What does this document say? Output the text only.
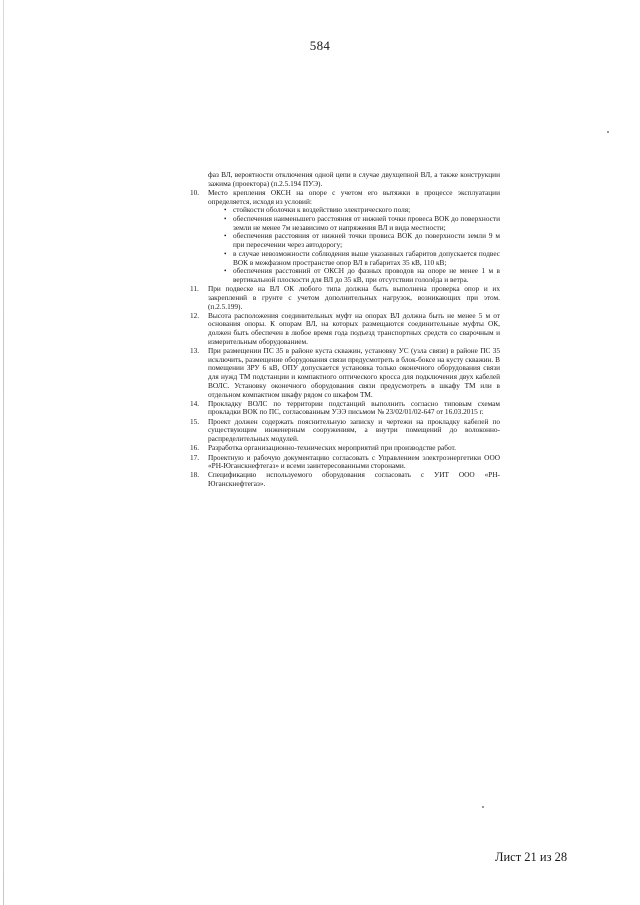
584
фаз ВЛ, вероятности отключения одной цепи в случае двухцепной ВЛ, а также конструкции зажима (проектора) (п.2.5.194 ПУЭ).
10. Место крепления ОКСН на опоре с учетом его вытяжки в процессе эксплуатации определяется, исходя из условий:
• стойкости оболочки к воздействию электрического поля;
• обеспечения наименьшего расстояния от нижней точки провеса ВОК до поверхности земли не менее 7м независимо от напряжения ВЛ и вида местности;
• обеспечения расстояния от нижней точки провиса ВОК до поверхности земли 9 м при пересечении через автодорогу;
• в случае невозможности соблюдения выше указанных габаритов допускается подвес ВОК в межфазном пространстве опор ВЛ в габаритах 35 кВ, 110 кВ;
• обеспечения расстояний от ОКСН до фазных проводов на опоре не менее 1 м в вертикальной плоскости для ВЛ до 35 кВ, при отсутствии гололёда и ветра.
11. При подвеске на ВЛ ОК любого типа должна быть выполнена проверка опор и их закреплений в грунте с учетом дополнительных нагрузок, возникающих при этом. (п.2.5.199).
12. Высота расположения соединительных муфт на опорах ВЛ должна быть не менее 5 м от основания опоры. К опорам ВЛ, на которых размещаются соединительные муфты ОК, должен быть обеспечен в любое время года подъезд транспортных средств со сварочным и измерительным оборудованием.
13. При размещении ПС 35 в районе куста скважин, установку УС (узла связи) в районе ПС 35 исключить, размещение оборудования связи предусмотреть в блок-боксе на кусту скважин. В помещении ЗРУ 6 кВ, ОПУ допускается установка только оконечного оборудования связи для нужд ТМ подстанции и компактного оптического кросса для подключения двух кабелей ВОЛС. Установку оконечного оборудования связи предусмотреть в шкафу ТМ или в отдельном компактном шкафу рядом со шкафом ТМ.
14. Прокладку ВОЛС по территории подстанций выполнить согласно типовым схемам прокладки ВОК по ПС, согласованным УЭЭ письмом № 23/02/01/02-647 от 16.03.2015 г.
15. Проект должен содержать пояснительную записку и чертежи на прокладку кабелей по существующим инженерным сооружениям, а внутри помещений до волоконно-распределительных модулей.
16. Разработка организационно-технических мероприятий при производстве работ.
17. Проектную и рабочую документацию согласовать с Управлением электроэнергетики ООО «РН-Юганскнефтегаз» и всеми заинтересованными сторонами.
18. Спецификацию используемого оборудования согласовать с УИТ ООО «РН-Юганскнефтегаз».
Лист 21 из 28
